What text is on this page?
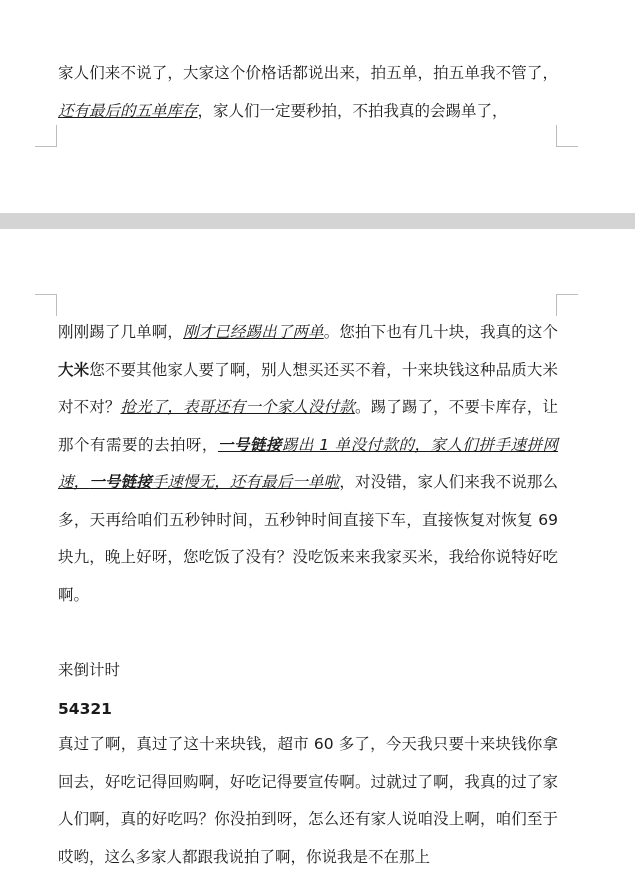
家人们来不说了，大家这个价格话都说出来，拍五单，拍五单我不管了，还有最后的五单库存，家人们一定要秒拍，不拍我真的会踢单了，

刚刚踢了几单啊，刚才已经踢出了两单。您拍下也有几十块，我真的这个大米您不要其他家人要了啊，别人想买还买不着，十来块钱这种品质大米对不对？抢光了，表哥还有一个家人没付款。踢了踢了，不要卡库存，让那个有需要的去拍呀，一号链接踢出 1 单没付款的，家人们拼手速拼网速，一号链接手速慢无，还有最后一单啦，对没错，家人们来我不说那么多，天再给咱们五秒钟时间，五秒钟时间直接下车，直接恢复对恢复 69 块九，晚上好呀，您吃饭了没有？没吃饭来来我家买米，我给你说特好吃啊。

来倒计时

54321

真过了啊，真过了这十来块钱，超市 60 多了，今天我只要十来块钱你拿回去，好吃记得回购啊，好吃记得要宣传啊。过就过了啊，我真的过了家人们啊，真的好吃吗？你没拍到呀，怎么还有家人说咱没上啊，咱们至于哎哟，这么多家人都跟我说拍了啊，你说我是不在那上
